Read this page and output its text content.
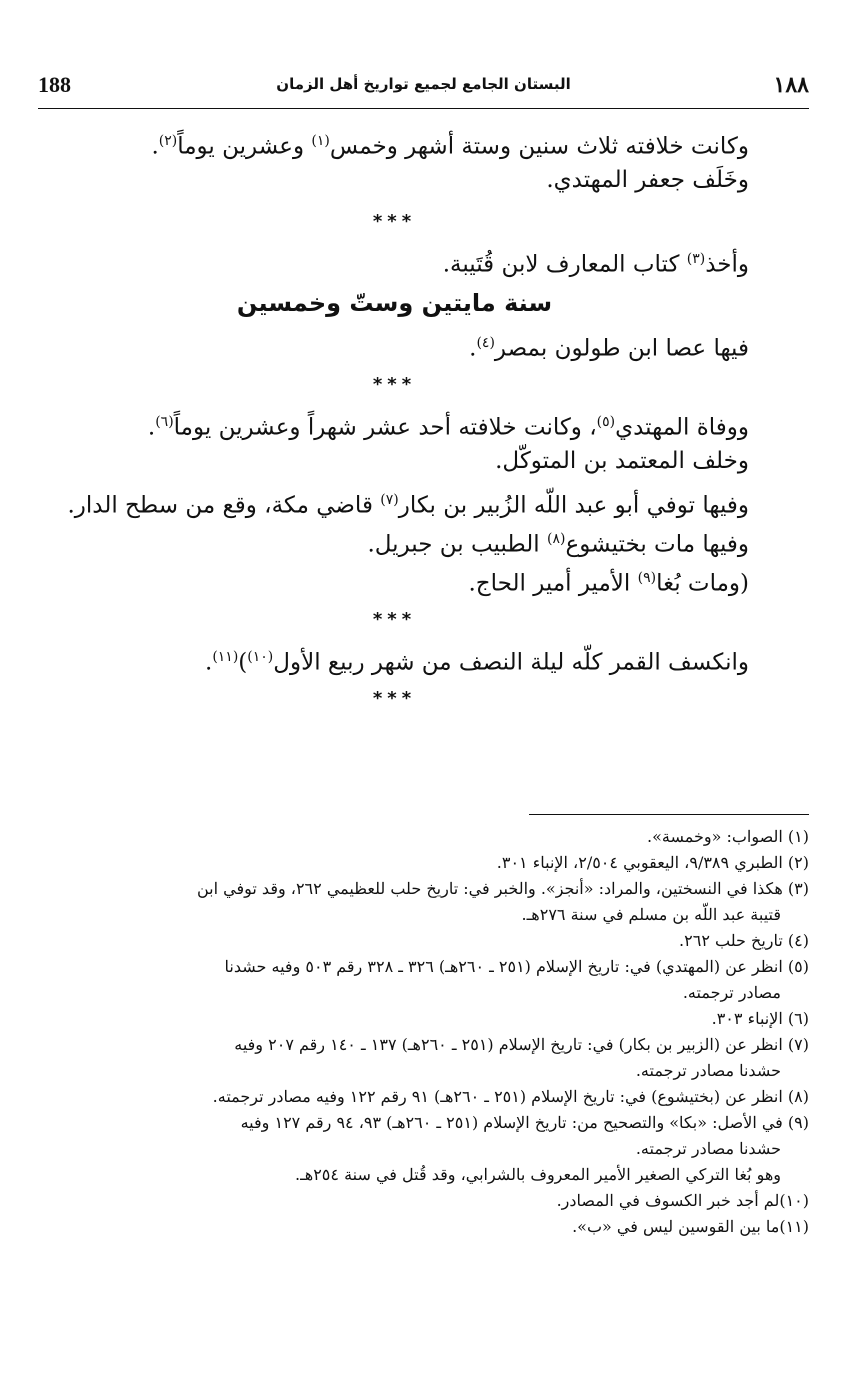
١٨٨
البستان الجامع لجميع تواريخ أهل الزمان
188
وكانت خلافته ثلاث سنين وستة أشهر وخمس$^{(١)}$ وعشرين يوماً$^{(٢)}$.
وخَلَف جعفر المهتدي.
***
وأخذ$^{(٣)}$ كتاب المعارف لابن قُتَيبة.
سنة مايتين وستّ وخمسين
فيها عصا ابن طولون بمصر$^{(٤)}$.
***
ووفاة المهتدي$^{(٥)}$، وكانت خلافته أحد عشر شهراً وعشرين يوماً$^{(٦)}$.
وخلف المعتمد بن المتوكّل.
وفيها توفي أبو عبد اللّه الزُبير بن بكار$^{(٧)}$ قاضي مكة، وقع من سطح الدار.
وفيها مات بختيشوع$^{(٨)}$ الطبيب بن جبريل.
(ومات بُغا$^{(٩)}$ الأمير أمير الحاج.
***
وانكسف القمر كلّه ليلة النصف من شهر ربيع الأول$^{(١٠)}$)$^{(١١)}$.
***
(١) الصواب: «وخمسة».
(٢) الطبري ٩/٣٨٩، اليعقوبي ٢/٥٠٤، الإنباء ٣٠١.
(٣) هكذا في النسختين، والمراد: «أنجز». والخبر في: تاريخ حلب للعظيمي ٢٦٢، وقد توفي ابن
قتيبة عبد اللّه بن مسلم في سنة ٢٧٦هـ.
(٤) تاريخ حلب ٢٦٢.
(٥) انظر عن (المهتدي) في: تاريخ الإسلام (٢٥١ ـ ٢٦٠هـ) ٣٢٦ ـ ٣٢٨ رقم ٥٠٣ وفيه حشدنا
مصادر ترجمته.
(٦) الإنباء ٣٠٣.
(٧) انظر عن (الزبير بن بكار) في: تاريخ الإسلام (٢٥١ ـ ٢٦٠هـ) ١٣٧ ـ ١٤٠ رقم ٢٠٧ وفيه
حشدنا مصادر ترجمته.
(٨) انظر عن (بختيشوع) في: تاريخ الإسلام (٢٥١ ـ ٢٦٠هـ) ٩١ رقم ١٢٢ وفيه مصادر ترجمته.
(٩) في الأصل: «بكا» والتصحيح من: تاريخ الإسلام (٢٥١ ـ ٢٦٠هـ) ٩٣، ٩٤ رقم ١٢٧ وفيه
حشدنا مصادر ترجمته.
وهو بُغا التركي الصغير الأمير المعروف بالشرابي، وقد قُتل في سنة ٢٥٤هـ.
(١٠)لم أجد خبر الكسوف في المصادر.
(١١)ما بين القوسين ليس في «ب».
